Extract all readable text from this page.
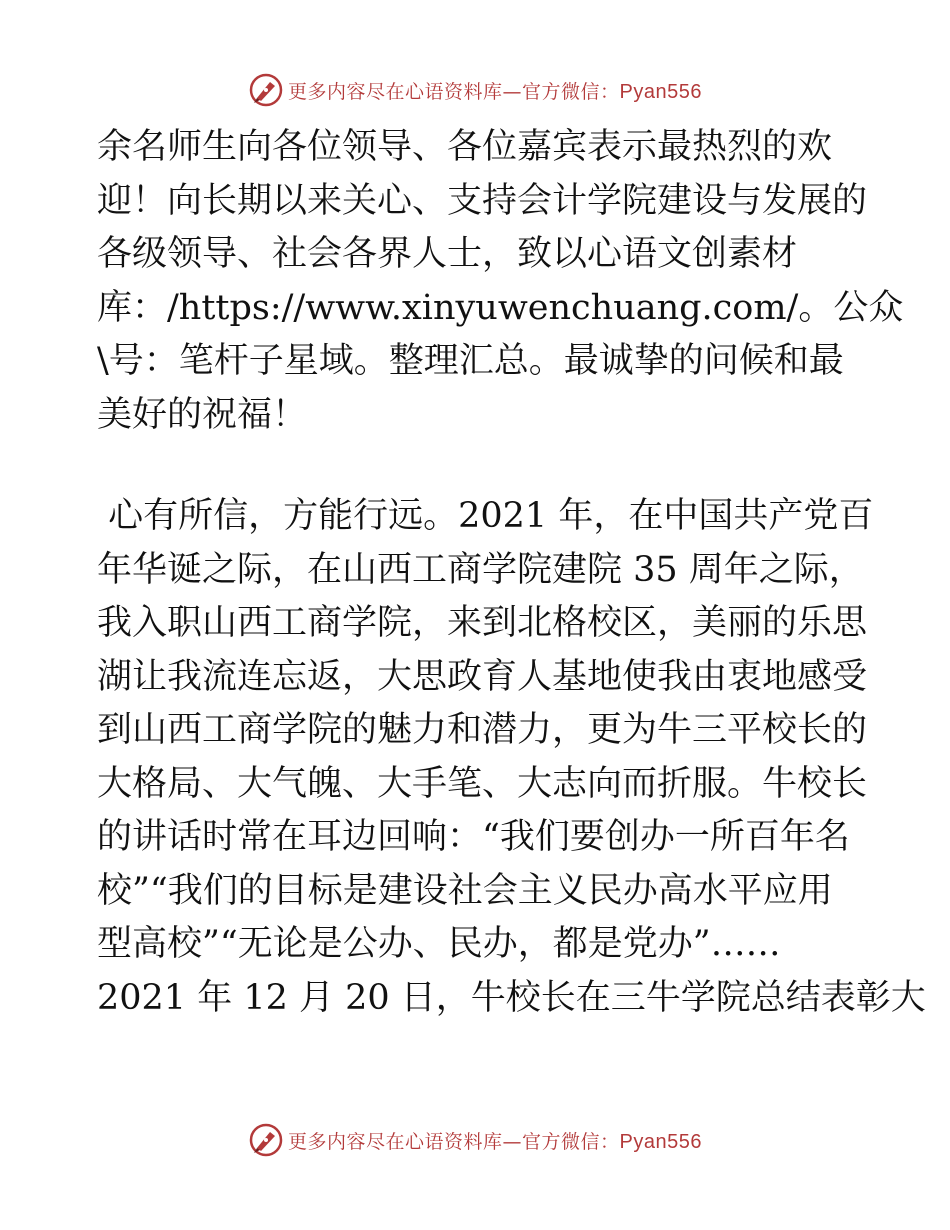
更多内容尽在心语资料库—官方微信：Pyan556
余名师生向各位领导、各位嘉宾表示最热烈的欢
迎！向长期以来关心、支持会计学院建设与发展的
各级领导、社会各界人士，致以心语文创素材
库：/https://www.xinyuwenchuang.com/。公众
\号：笔杆子星域。整理汇总。最诚挚的问候和最
美好的祝福！
心有所信，方能行远。2021 年，在中国共产党百
年华诞之际，在山西工商学院建院 35 周年之际，
我入职山西工商学院，来到北格校区，美丽的乐思
湖让我流连忘返，大思政育人基地使我由衷地感受
到山西工商学院的魅力和潜力，更为牛三平校长的
大格局、大气魄、大手笔、大志向而折服。牛校长
的讲话时常在耳边回响：“我们要创办一所百年名
校”“我们的目标是建设社会主义民办高水平应用
型高校”“无论是公办、民办，都是党办”……
2021 年 12 月 20 日，牛校长在三牛学院总结表彰大
更多内容尽在心语资料库—官方微信：Pyan556
